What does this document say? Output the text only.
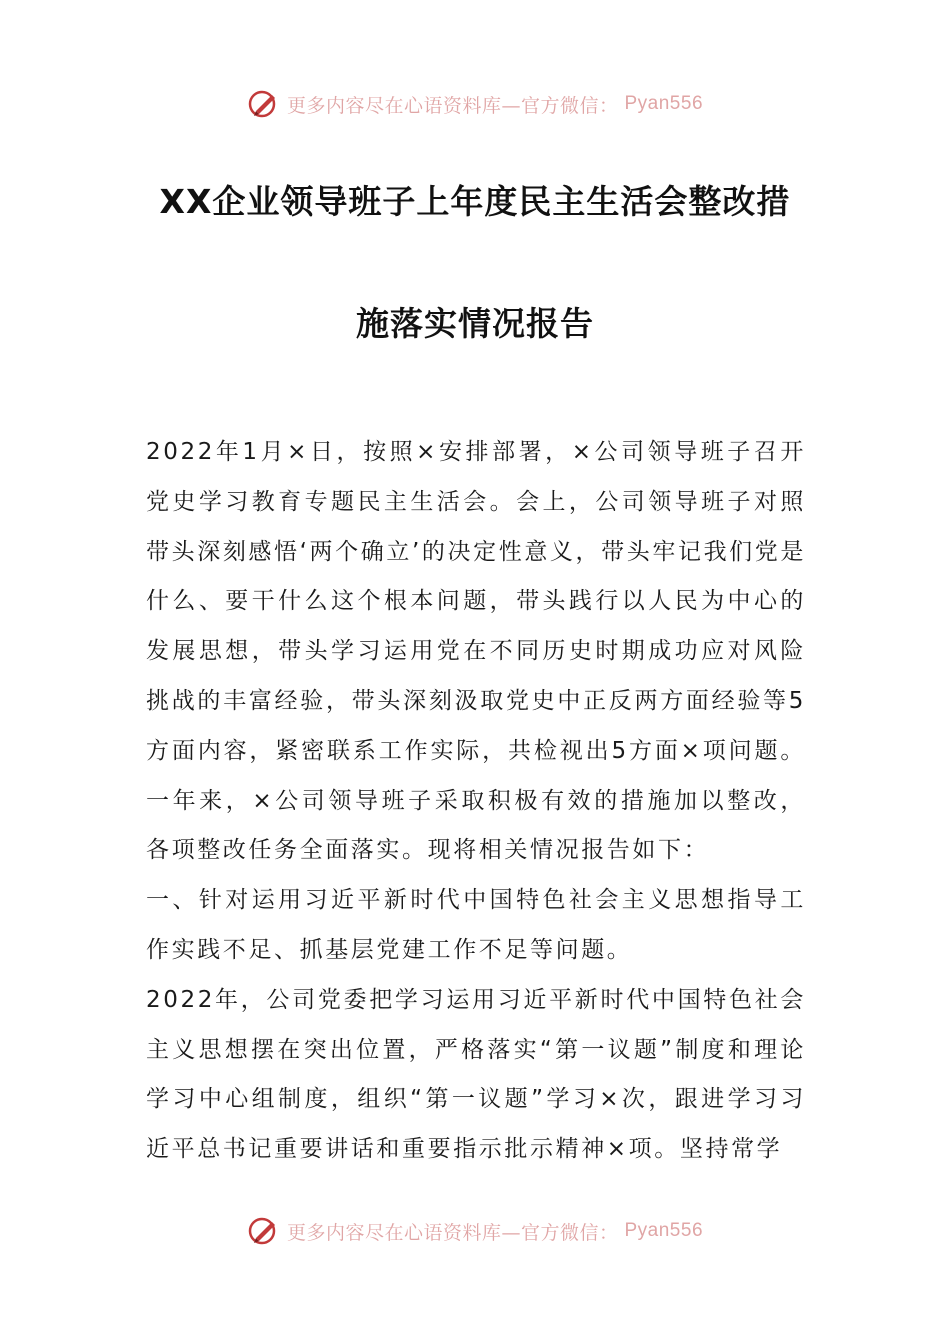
更多内容尽在心语资料库—官方微信： Pyan556
XX企业领导班子上年度民主生活会整改措
施落实情况报告

2022年1月×日，按照×安排部署，×公司领导班子召开党史学习教育专题民主生活会。会上，公司领导班子对照带头深刻感悟‘两个确立’的决定性意义，带头牢记我们党是什么、要干什么这个根本问题，带头践行以人民为中心的发展思想，带头学习运用党在不同历史时期成功应对风险挑战的丰富经验，带头深刻汲取党史中正反两方面经验等5方面内容，紧密联系工作实际，共检视出5方面×项问题。一年来，×公司领导班子采取积极有效的措施加以整改，各项整改任务全面落实。现将相关情况报告如下：

一、针对运用习近平新时代中国特色社会主义思想指导工作实践不足、抓基层党建工作不足等问题。

2022年，公司党委把学习运用习近平新时代中国特色社会主义思想摆在突出位置，严格落实“第一议题”制度和理论学习中心组制度，组织“第一议题”学习×次，跟进学习习近平总书记重要讲话和重要指示批示精神×项。坚持常学

更多内容尽在心语资料库—官方微信： Pyan556
